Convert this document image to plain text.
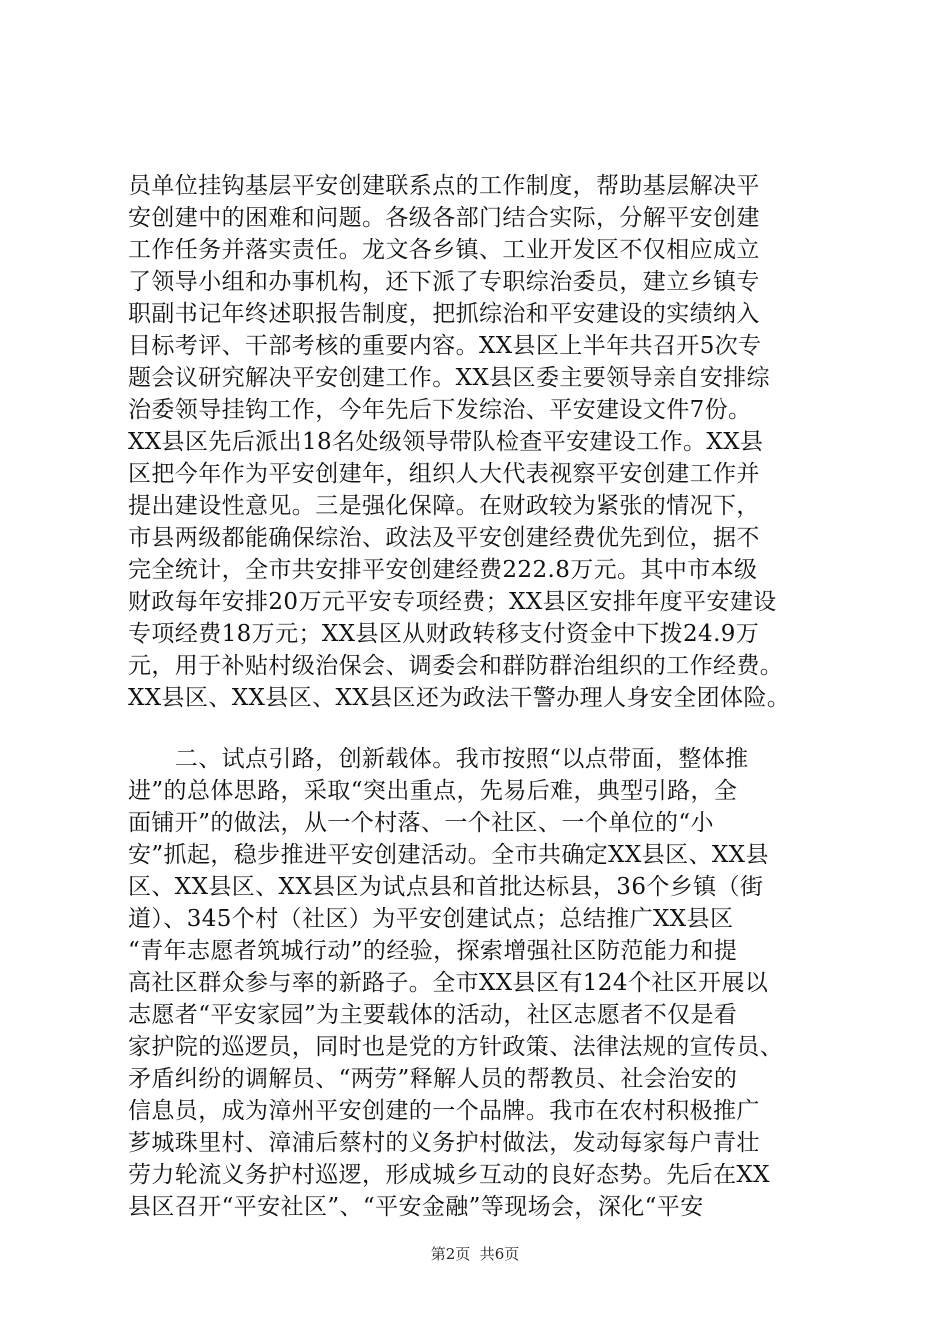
员单位挂钩基层平安创建联系点的工作制度，帮助基层解决平
安创建中的困难和问题。各级各部门结合实际，分解平安创建
工作任务并落实责任。龙文各乡镇、工业开发区不仅相应成立
了领导小组和办事机构，还下派了专职综治委员，建立乡镇专
职副书记年终述职报告制度，把抓综治和平安建设的实绩纳入
目标考评、干部考核的重要内容。XX县区上半年共召开5次专
题会议研究解决平安创建工作。XX县区委主要领导亲自安排综
治委领导挂钩工作，今年先后下发综治、平安建设文件7份。
XX县区先后派出18名处级领导带队检查平安建设工作。XX县
区把今年作为平安创建年，组织人大代表视察平安创建工作并
提出建设性意见。三是强化保障。在财政较为紧张的情况下，
市县两级都能确保综治、政法及平安创建经费优先到位，据不
完全统计，全市共安排平安创建经费222.8万元。其中市本级
财政每年安排20万元平安专项经费；XX县区安排年度平安建设
专项经费18万元；XX县区从财政转移支付资金中下拨24.9万
元，用于补贴村级治保会、调委会和群防群治组织的工作经费。
XX县区、XX县区、XX县区还为政法干警办理人身安全团体险。
　　二、试点引路，创新载体。我市按照“以点带面，整体推
进”的总体思路，采取“突出重点，先易后难，典型引路，全
面铺开”的做法，从一个村落、一个社区、一个单位的“小
安”抓起，稳步推进平安创建活动。全市共确定XX县区、XX县
区、XX县区、XX县区为试点县和首批达标县，36个乡镇（街
道）、345个村（社区）为平安创建试点；总结推广XX县区
“青年志愿者筑城行动”的经验，探索增强社区防范能力和提
高社区群众参与率的新路子。全市XX县区有124个社区开展以
志愿者“平安家园”为主要载体的活动，社区志愿者不仅是看
家护院的巡逻员，同时也是党的方针政策、法律法规的宣传员、
矛盾纠纷的调解员、“两劳”释解人员的帮教员、社会治安的
信息员，成为漳州平安创建的一个品牌。我市在农村积极推广
芗城珠里村、漳浦后蔡村的义务护村做法，发动每家每户青壮
劳力轮流义务护村巡逻，形成城乡互动的良好态势。先后在XX
县区召开“平安社区”、“平安金融”等现场会，深化“平安
第2页  共6页
